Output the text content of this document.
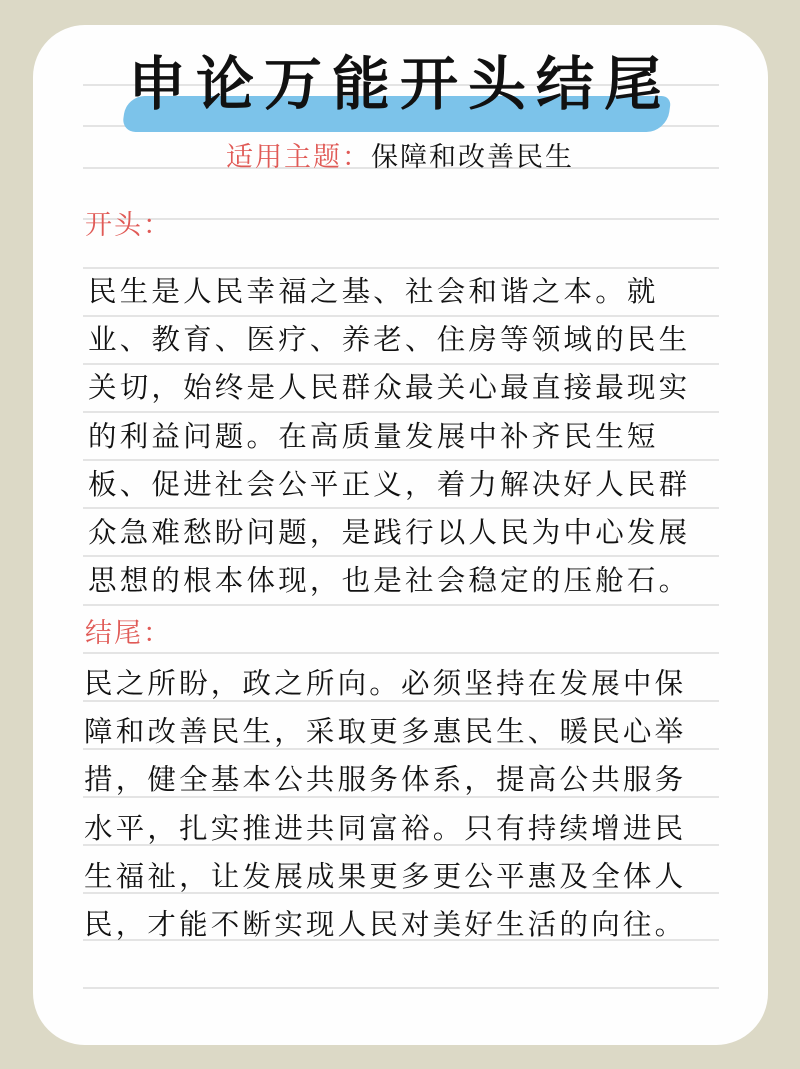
申论万能开头结尾
适用主题：保障和改善民生
开头：
民生是人民幸福之基、社会和谐之本。就
业、教育、医疗、养老、住房等领域的民生
关切，始终是人民群众最关心最直接最现实
的利益问题。在高质量发展中补齐民生短
板、促进社会公平正义，着力解决好人民群
众急难愁盼问题，是践行以人民为中心发展
思想的根本体现，也是社会稳定的压舱石。
结尾：
民之所盼，政之所向。必须坚持在发展中保
障和改善民生，采取更多惠民生、暖民心举
措，健全基本公共服务体系，提高公共服务
水平，扎实推进共同富裕。只有持续增进民
生福祉，让发展成果更多更公平惠及全体人
民，才能不断实现人民对美好生活的向往。
